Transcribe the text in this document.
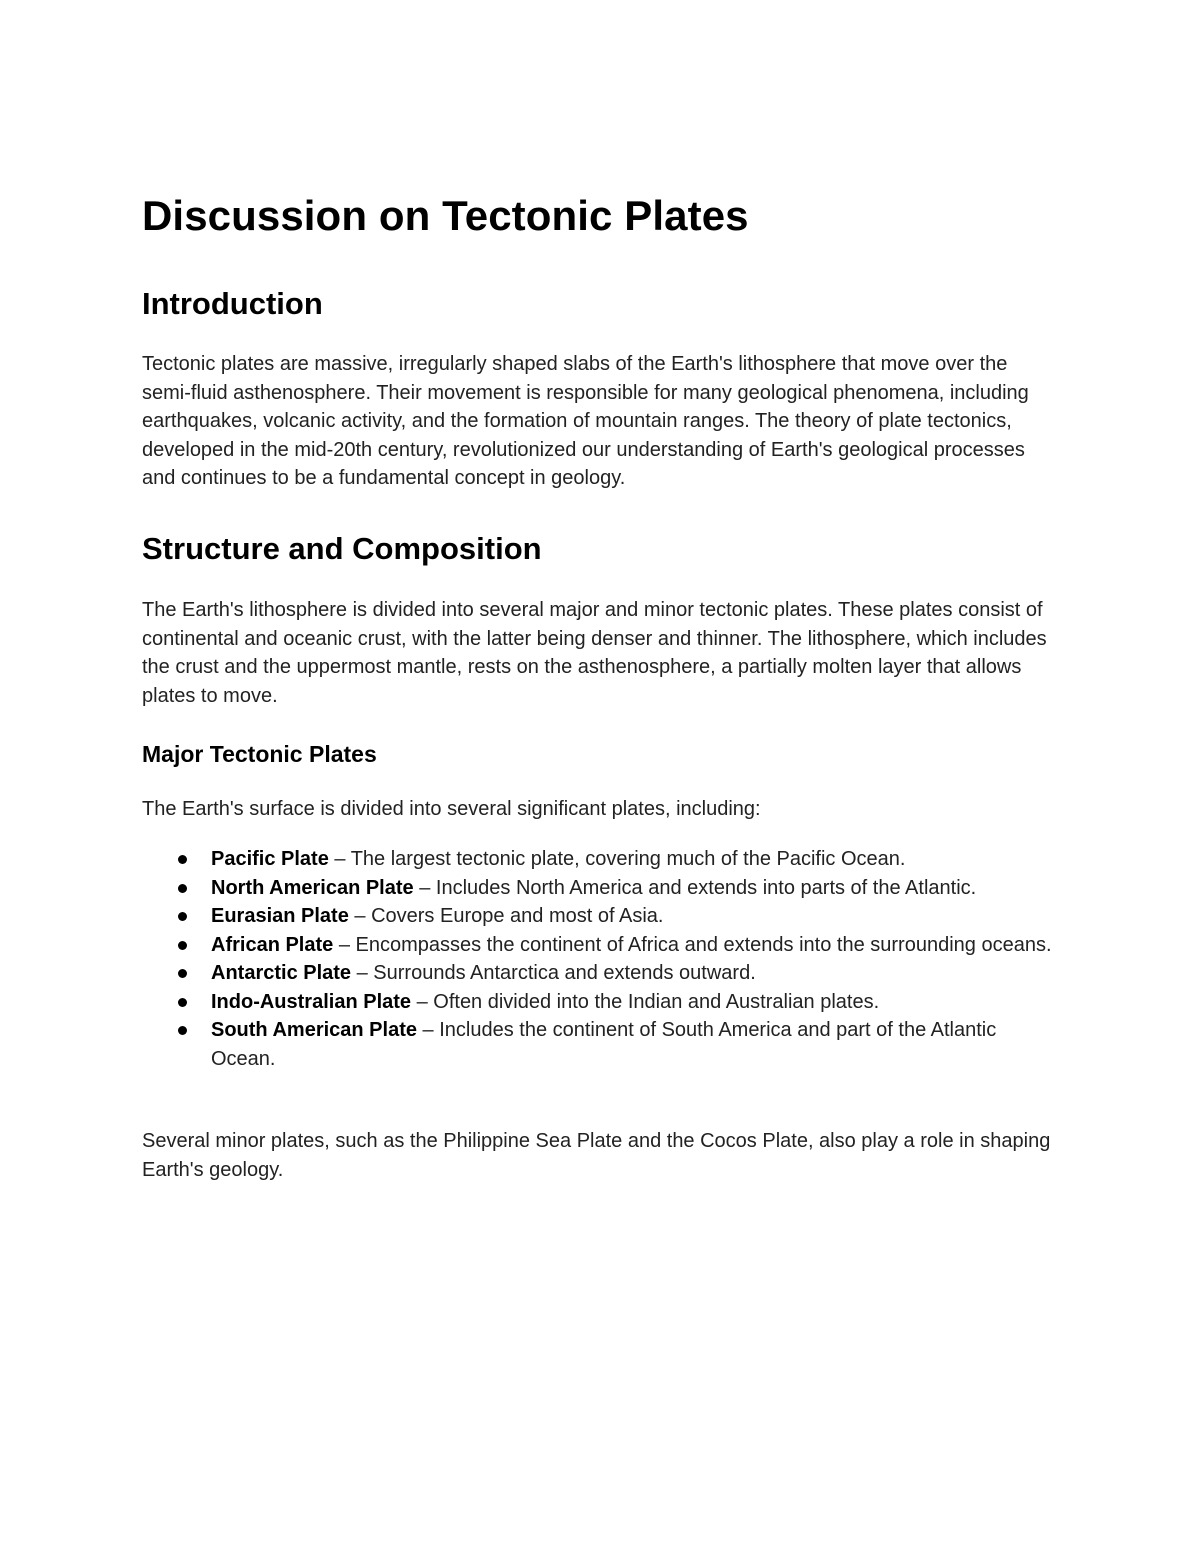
Discussion on Tectonic Plates
Introduction

Tectonic plates are massive, irregularly shaped slabs of the Earth's lithosphere that move over the semi-fluid asthenosphere. Their movement is responsible for many geological phenomena, including earthquakes, volcanic activity, and the formation of mountain ranges. The theory of plate tectonics, developed in the mid-20th century, revolutionized our understanding of Earth's geological processes and continues to be a fundamental concept in geology.

Structure and Composition

The Earth's lithosphere is divided into several major and minor tectonic plates. These plates consist of continental and oceanic crust, with the latter being denser and thinner. The lithosphere, which includes the crust and the uppermost mantle, rests on the asthenosphere, a partially molten layer that allows plates to move.

Major Tectonic Plates

The Earth's surface is divided into several significant plates, including:

Pacific Plate – The largest tectonic plate, covering much of the Pacific Ocean.
North American Plate – Includes North America and extends into parts of the Atlantic.
Eurasian Plate – Covers Europe and most of Asia.
African Plate – Encompasses the continent of Africa and extends into the surrounding oceans.
Antarctic Plate – Surrounds Antarctica and extends outward.
Indo-Australian Plate – Often divided into the Indian and Australian plates.
South American Plate – Includes the continent of South America and part of the Atlantic Ocean.

Several minor plates, such as the Philippine Sea Plate and the Cocos Plate, also play a role in shaping Earth's geology.
